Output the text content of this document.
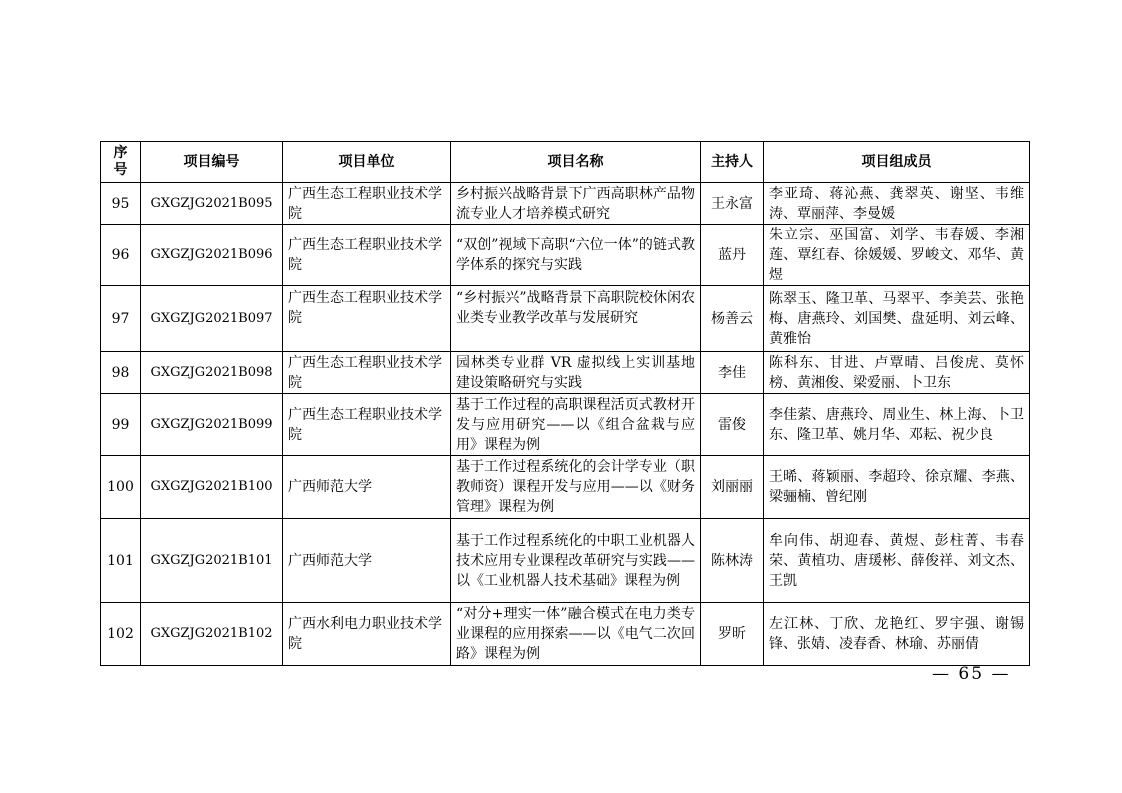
序号	项目编号	项目单位	项目名称	主持人	项目组成员
95	GXGZJG2021B095	广西生态工程职业技术学院	乡村振兴战略背景下广西高职林产品物流专业人才培养模式研究	王永富	李亚琦、蒋沁燕、龚翠英、谢坚、韦维涛、覃丽萍、李曼媛
96	GXGZJG2021B096	广西生态工程职业技术学院	“双创”视域下高职“六位一体”的链式教学体系的探究与实践	蓝丹	朱立宗、巫国富、刘学、韦春媛、李湘莲、覃红春、徐媛媛、罗峻文、邓华、黄煜
97	GXGZJG2021B097	广西生态工程职业技术学院	“乡村振兴”战略背景下高职院校休闲农业类专业教学改革与发展研究	杨善云	陈翠玉、隆卫革、马翠平、李美芸、张艳梅、唐燕玲、刘国樊、盘延明、刘云峰、黄雅怡
98	GXGZJG2021B098	广西生态工程职业技术学院	园林类专业群 VR 虚拟线上实训基地建设策略研究与实践	李佳	陈科东、甘进、卢覃晴、吕俊虎、莫怀榜、黄湘俊、梁爱丽、卜卫东
99	GXGZJG2021B099	广西生态工程职业技术学院	基于工作过程的高职课程活页式教材开发与应用研究——以《组合盆栽与应用》课程为例	雷俊	李佳萦、唐燕玲、周业生、林上海、卜卫东、隆卫革、姚月华、邓耘、祝少良
100	GXGZJG2021B100	广西师范大学	基于工作过程系统化的会计学专业（职教师资）课程开发与应用——以《财务管理》课程为例	刘丽丽	王晞、蒋颖丽、李超玲、徐京耀、李燕、梁骊楠、曾纪刚
101	GXGZJG2021B101	广西师范大学	基于工作过程系统化的中职工业机器人技术应用专业课程改革研究与实践——以《工业机器人技术基础》课程为例	陈林涛	牟向伟、胡迎春、黄煜、彭柱菁、韦春荣、黄植功、唐瑗彬、薛俊祥、刘文杰、王凯
102	GXGZJG2021B102	广西水利电力职业技术学院	“对分+理实一体”融合模式在电力类专业课程的应用探索——以《电气二次回路》课程为例	罗昕	左江林、丁欣、龙艳红、罗宇强、谢锡锋、张婧、凌春香、林瑜、苏丽倩
— 65 —
